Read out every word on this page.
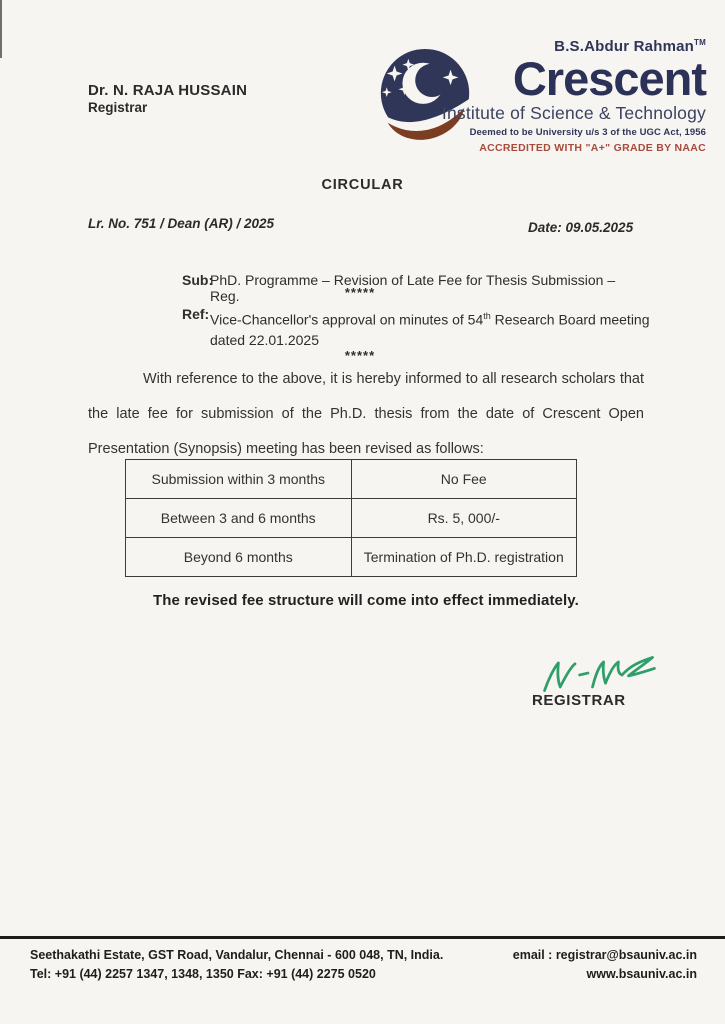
Dr. N. RAJA HUSSAIN
Registrar
B.S.Abdur Rahman™
Crescent
Institute of Science & Technology
Deemed to be University u/s 3 of the UGC Act, 1956
ACCREDITED WITH "A+" GRADE BY NAAC
CIRCULAR
Lr. No. 751 / Dean (AR) / 2025	Date: 09.05.2025
Sub:
PhD. Programme – Revision of Late Fee for Thesis Submission – Reg.	*****
Ref: Vice-Chancellor's approval on minutes of 54th Research Board meeting dated 22.01.2025
*****
With reference to the above, it is hereby informed to all research scholars that the late fee for submission of the Ph.D. thesis from the date of Crescent Open Presentation (Synopsis) meeting has been revised as follows:
Submission within 3 months	No Fee
Between 3 and 6 months	Rs. 5, 000/-
Beyond 6 months	Termination of Ph.D. registration
The revised fee structure will come into effect immediately.
REGISTRAR
Seethakathi Estate, GST Road, Vandalur, Chennai - 600 048, TN, India.
Tel: +91 (44) 2257 1347, 1348, 1350 Fax: +91 (44) 2275 0520
email : registrar@bsauniv.ac.in
www.bsauniv.ac.in
